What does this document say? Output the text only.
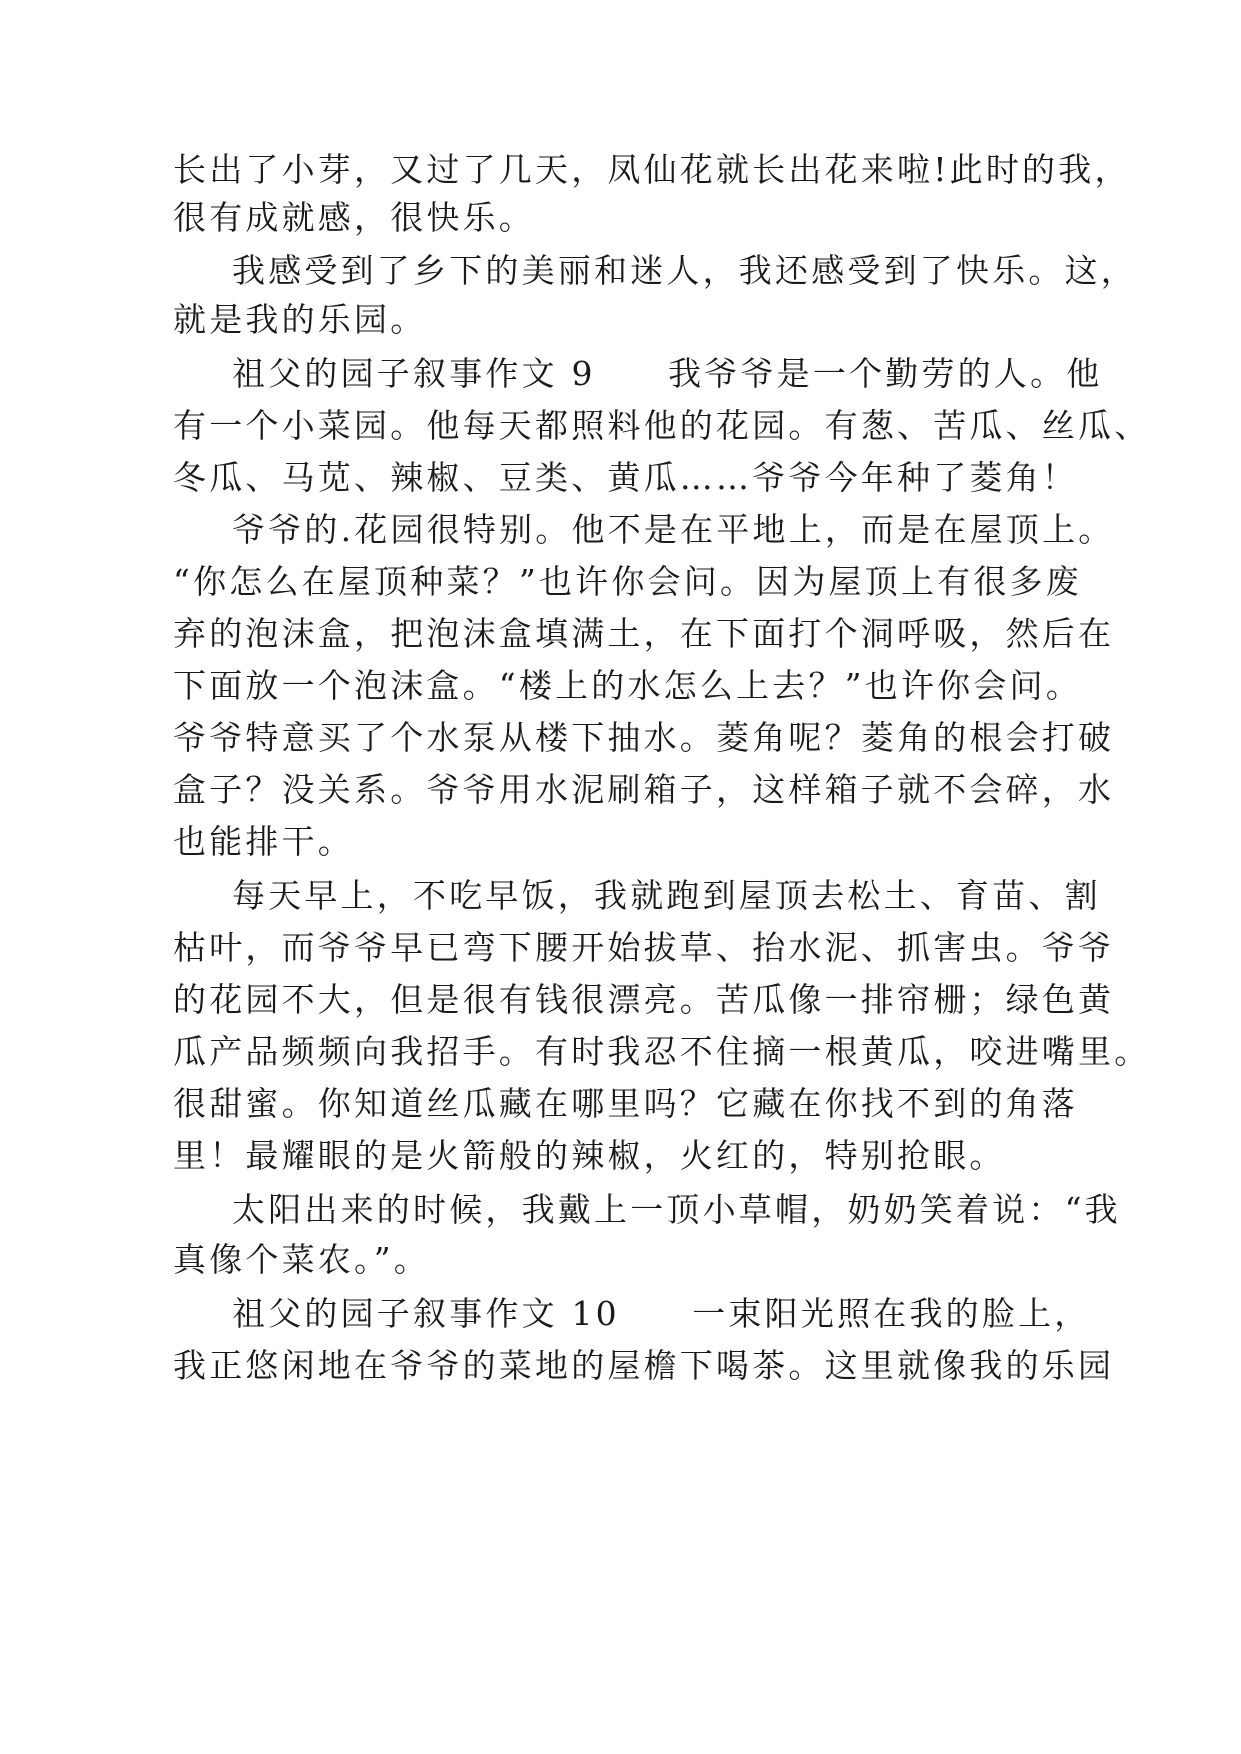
长出了小芽，又过了几天，凤仙花就长出花来啦!此时的我，
很有成就感，很快乐。
我感受到了乡下的美丽和迷人，我还感受到了快乐。这，
就是我的乐园。
祖父的园子叙事作文 9　　我爷爷是一个勤劳的人。他
有一个小菜园。他每天都照料他的花园。有葱、苦瓜、丝瓜、
冬瓜、马苋、辣椒、豆类、黄瓜……爷爷今年种了菱角！
爷爷的.花园很特别。他不是在平地上，而是在屋顶上。
“你怎么在屋顶种菜？”也许你会问。因为屋顶上有很多废
弃的泡沫盒，把泡沫盒填满土，在下面打个洞呼吸，然后在
下面放一个泡沫盒。“楼上的水怎么上去？”也许你会问。
爷爷特意买了个水泵从楼下抽水。菱角呢？菱角的根会打破
盒子？没关系。爷爷用水泥刷箱子，这样箱子就不会碎，水
也能排干。
每天早上，不吃早饭，我就跑到屋顶去松土、育苗、割
枯叶，而爷爷早已弯下腰开始拔草、抬水泥、抓害虫。爷爷
的花园不大，但是很有钱很漂亮。苦瓜像一排帘栅；绿色黄
瓜产品频频向我招手。有时我忍不住摘一根黄瓜，咬进嘴里。
很甜蜜。你知道丝瓜藏在哪里吗？它藏在你找不到的角落
里！最耀眼的是火箭般的辣椒，火红的，特别抢眼。
太阳出来的时候，我戴上一顶小草帽，奶奶笑着说：“我
真像个菜农。”。
祖父的园子叙事作文 10　　一束阳光照在我的脸上，
我正悠闲地在爷爷的菜地的屋檐下喝茶。这里就像我的乐园
